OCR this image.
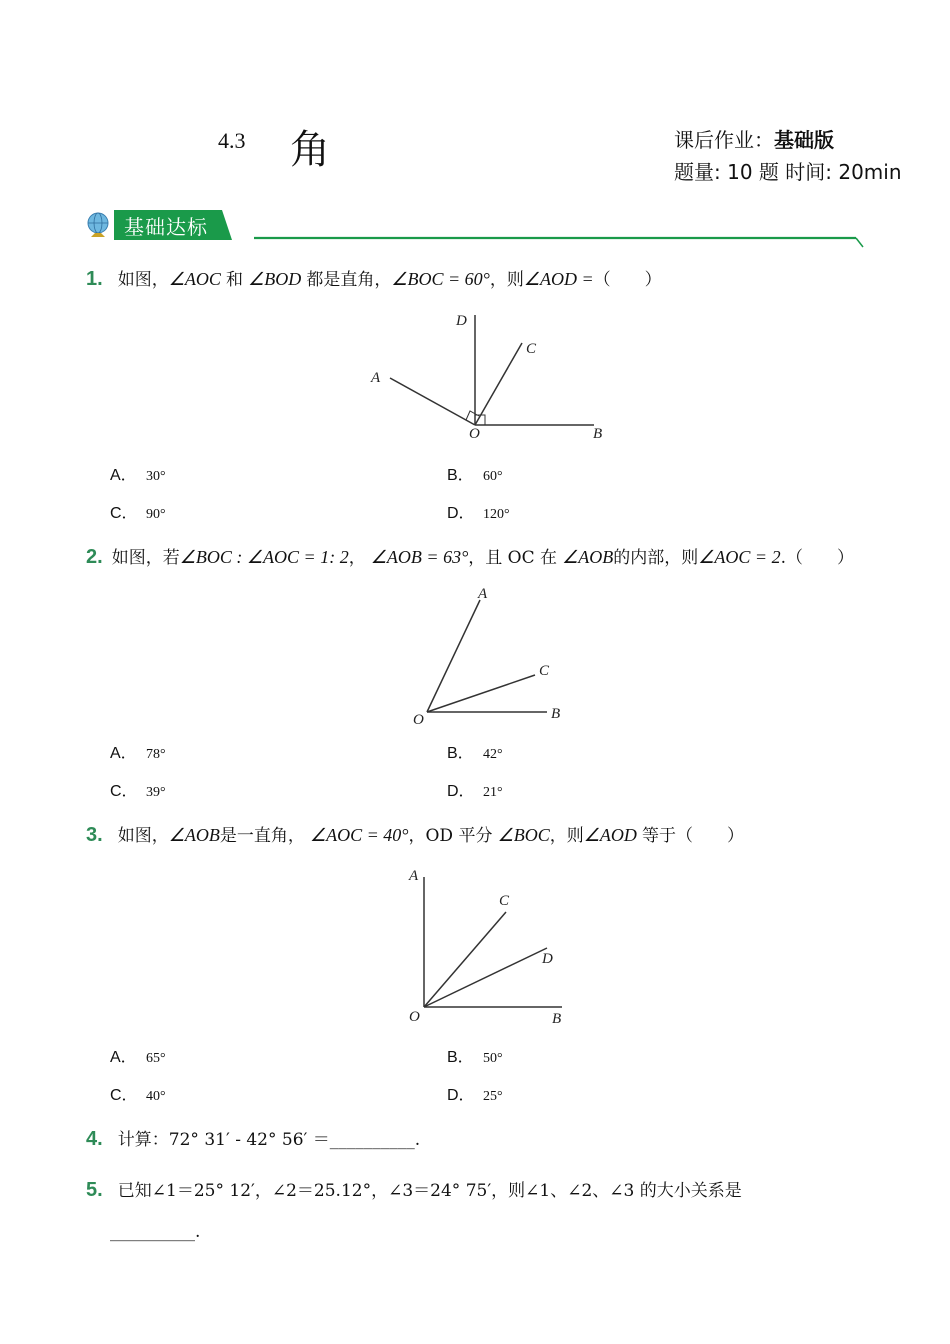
4.3 角	课后作业：基础版
题量: 10 题 时间: 20min
基础达标
1. 如图，∠AOC 和 ∠BOD 都是直角，∠BOC = 60°，则∠AOD =（　　）
D
C
A
O	B
A． 30°	B． 60°
C． 90°	D． 120°
2. 如图，若∠BOC : ∠AOC = 1: 2， ∠AOB = 63°，且 OC 在 ∠AOB的内部，则∠AOC = 2.（　　）
A
C
O	B
A． 78°	B． 42°
C． 39°	D． 21°
3. 如图，∠AOB是一直角， ∠AOC = 40°，OD 平分 ∠BOC，则∠AOD 等于（　　）
A
C
D
O	B
A． 65°	B． 50°
C． 40°	D． 25°
4. 计算：72° 31′ - 42° 56′ ＝__________.
5. 已知∠1＝25° 12′，∠2＝25.12°，∠3＝24° 75′，则∠1、∠2、∠3 的大小关系是
__________.
